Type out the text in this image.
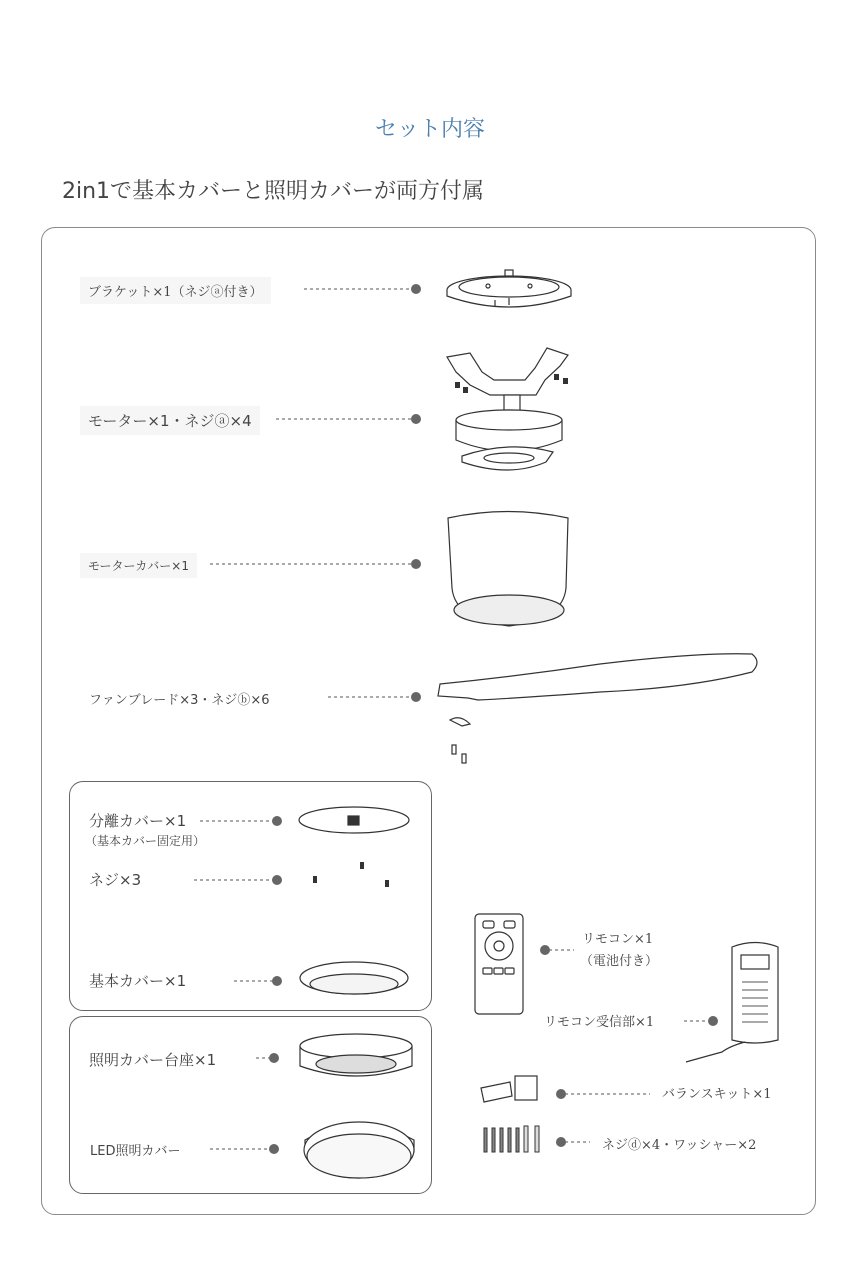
セット内容
2in1で基本カバーと照明カバーが両方付属
ブラケット×1（ネジⓐ付き）
モーター×1・ネジⓐ×4
モーターカバー×1
ファンブレード×3・ネジⓑ×6
分離カバー×1
（基本カバー固定用）
ネジ×3
基本カバー×1
照明カバー台座×1
LED照明カバー
リモコン×1
（電池付き）
リモコン受信部×1
バランスキット×1
ネジⓓ×4・ワッシャー×2
